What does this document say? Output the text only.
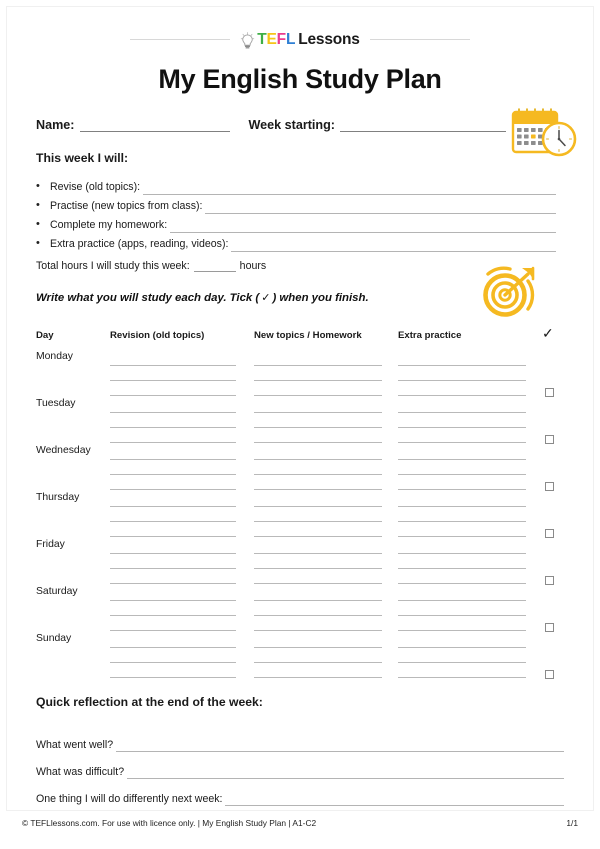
TEFL Lessons
My English Study Plan
Name:	Week starting:
This week I will:
• Revise (old topics):
• Practise (new topics from class):
• Complete my homework:
• Extra practice (apps, reading, videos):
Total hours I will study this week:	hours
Write what you will study each day. Tick ( ✓ ) when you finish.
Day	Revision (old topics)	New topics / Homework	Extra practice	✓
Monday
Tuesday
Wednesday
Thursday
Friday
Saturday
Sunday
Quick reflection at the end of the week:
What went well?
What was difficult?
One thing I will do differently next week:
© TEFLlessons.com. For use with licence only. | My English Study Plan | A1-C2	1/1
